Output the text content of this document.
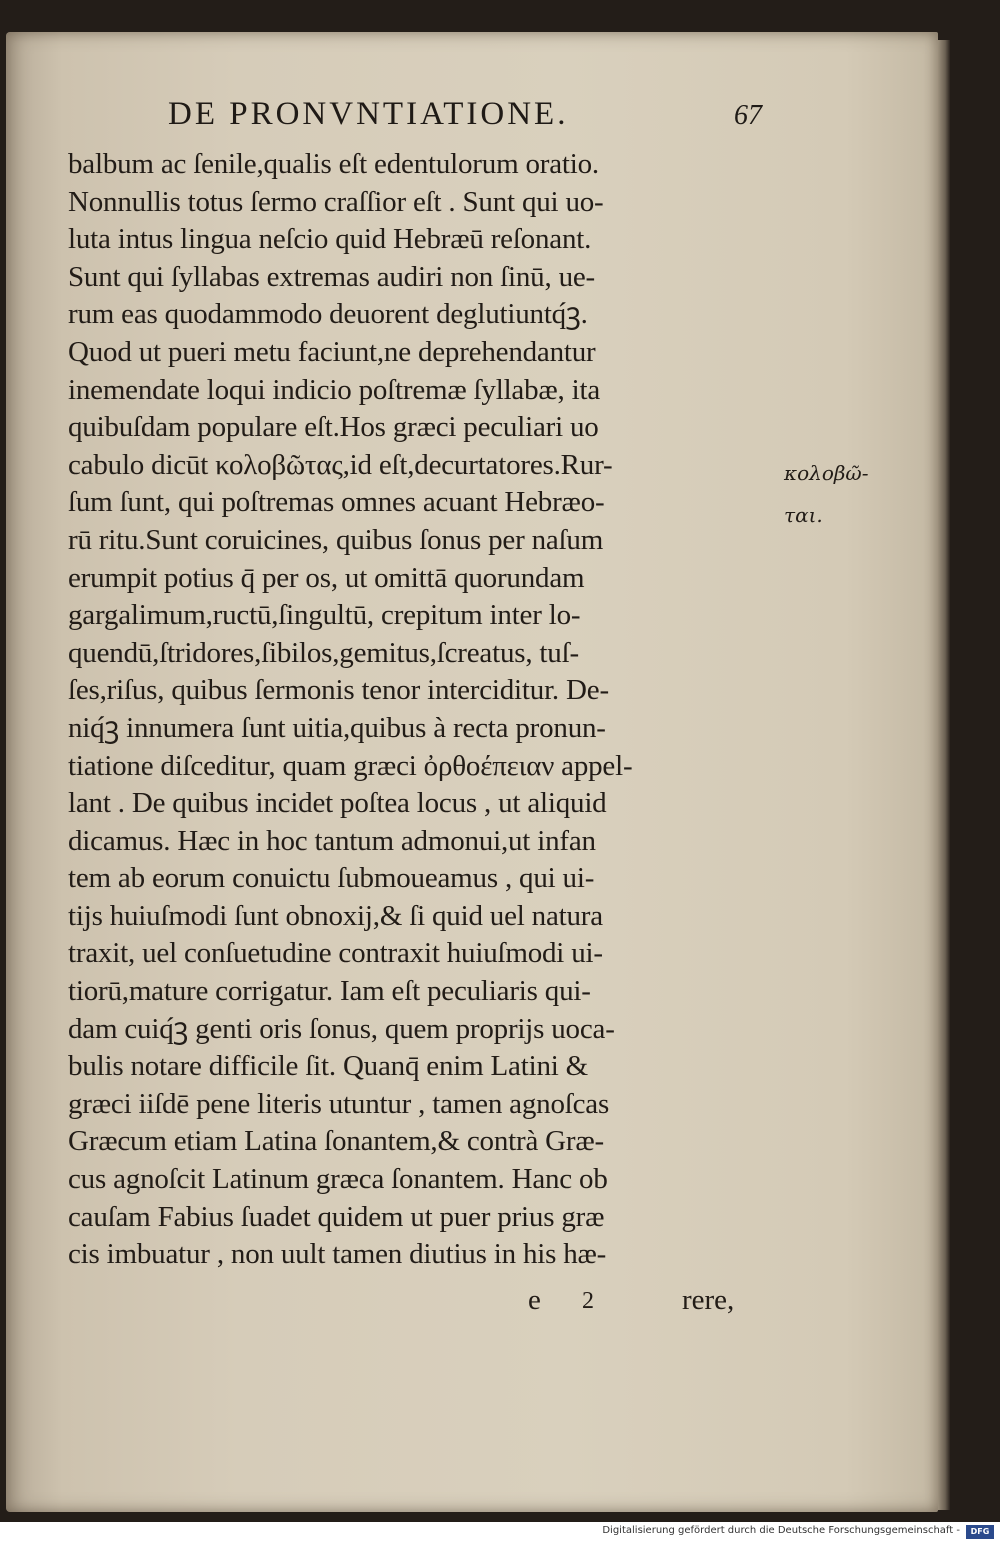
DE PRONVNTIATIONE.	67
balbum ac ſenile,qualis eſt edentulorum oratio.
Nonnullis totus ſermo craſſior eſt . Sunt qui uo-
luta intus lingua neſcio quid Hebræū reſonant.
Sunt qui ſyllabas extremas audiri non ſinū, ue-
rum eas quodammodo deuorent deglutiuntq́ꝫ.
Quod ut pueri metu faciunt,ne deprehendantur
inemendate loqui indicio poſtremæ ſyllabæ, ita
quibuſdam populare eſt.Hos græci peculiari uo
cabulo dicūt κολοβῶτας,id eſt,decurtatores.Rur-
ſum ſunt, qui poſtremas omnes acuant Hebræo-
rū ritu.Sunt coruicines, quibus ſonus per naſum
erumpit potius q̄ per os, ut omittā quorundam
gargalimum,ructū,ſingultū, crepitum inter lo-
quendū,ſtridores,ſibilos,gemitus,ſcreatus, tuſ-
ſes,riſus, quibus ſermonis tenor interciditur. De-
niq́ꝫ innumera ſunt uitia,quibus à recta pronun-
tiatione diſceditur, quam græci ὀρθοέπειαν appel-
lant . De quibus incidet poſtea locus , ut aliquid
dicamus. Hæc in hoc tantum admonui,ut infan
tem ab eorum conuictu ſubmoueamus , qui ui-
tijs huiuſmodi ſunt obnoxij,& ſi quid uel natura
traxit, uel conſuetudine contraxit huiuſmodi ui-
tiorū,mature corrigatur. Iam eſt peculiaris qui-
dam cuiq́ꝫ genti oris ſonus, quem proprijs uoca-
bulis notare difficile ſit. Quanq̄ enim Latini &
græci iiſdē pene literis utuntur , tamen agnoſcas
Græcum etiam Latina ſonantem,& contrà Græ-
cus agnoſcit Latinum græca ſonantem. Hanc ob
cauſam Fabius ſuadet quidem ut puer prius græ
cis imbuatur , non uult tamen diutius in his hæ-
κολοβῶ-
ται.
e 2	rere,
Digitalisierung gefördert durch die Deutsche Forschungsgemeinschaft -	DFG
